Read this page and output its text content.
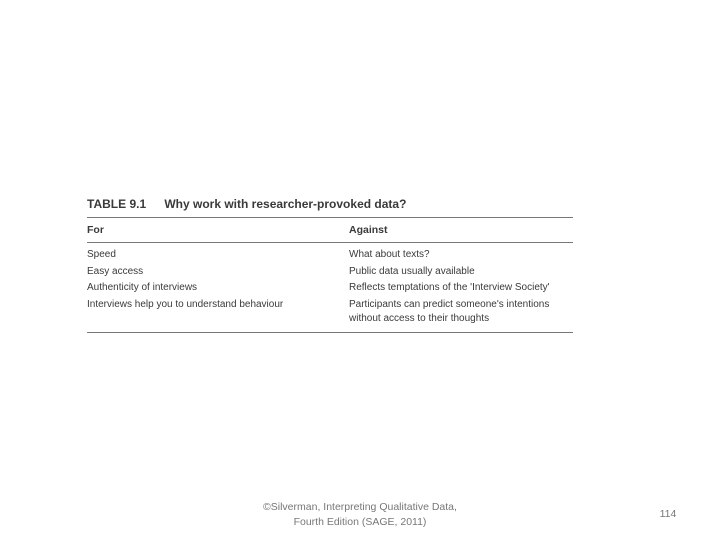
TABLE 9.1 Why work with researcher-provoked data?
For	Against
Speed
Easy access
Authenticity of interviews
Interviews help you to understand behaviour
What about texts?
Public data usually available
Reflects temptations of the 'Interview Society'
Participants can predict someone's intentions
without access to their thoughts
©Silverman, Interpreting Qualitative Data,
Fourth Edition (SAGE, 2011)
114
